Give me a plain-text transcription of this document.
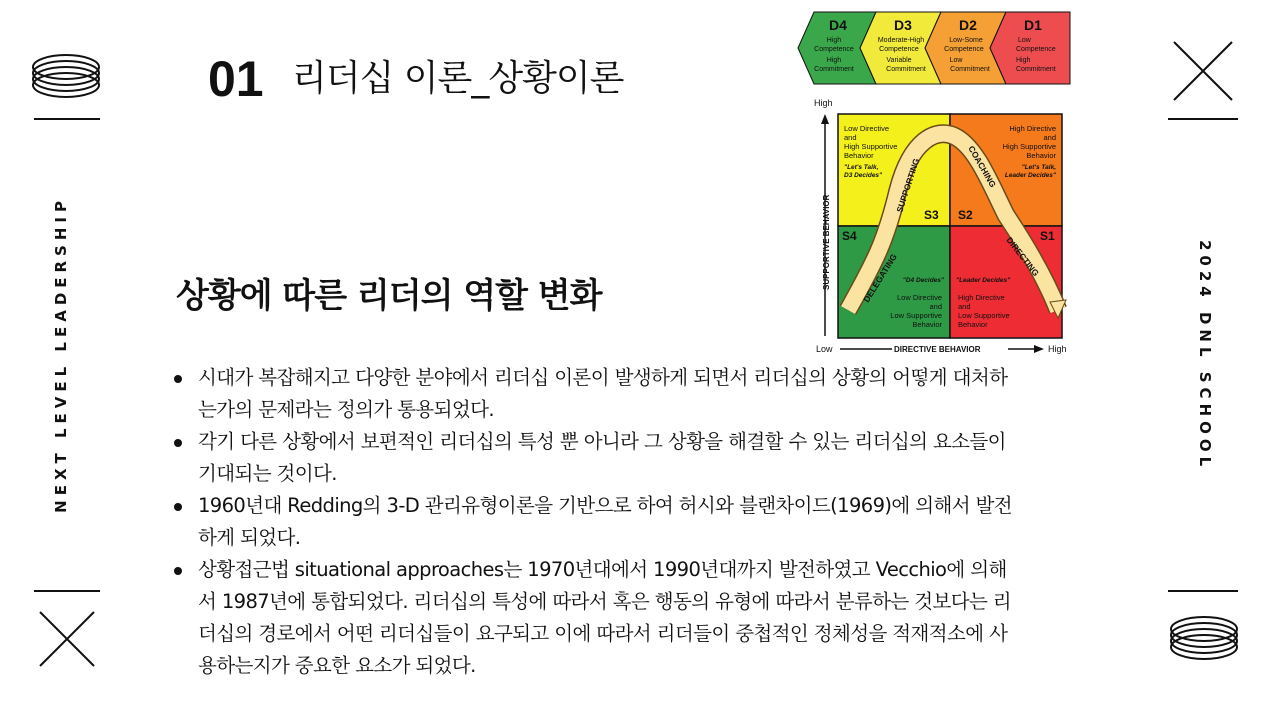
NEXT LEVEL LEADERSHIP	2024 DNL SCHOOL
01 리더십 이론_상황이론
상황에 따른 리더의 역할 변화
D4
High
Competence
High
Commitment
D3
Moderate-High
Competence
Variable
Commitment
D2
Low-Some
Competence
Low
Commitment
D1
Low
Competence
High
Commitment
High
SUPPORTIVE BEHAVIOR
Low Directive
and
High Supportive
Behavior
"Let's Talk,
D3 Decides"
S3
High Directive
and
High Supportive
Behavior
"Let's Talk,
Leader Decides"
S2
S4
"D4 Decides"
Low Directive
and
Low Supportive
Behavior
S1
"Leader Decides"
High Directive
and
Low Supportive
Behavior
DELEGATING
SUPPORTING	COACHING
DIRECTING
Low	DIRECTIVE BEHAVIOR	High
시대가 복잡해지고 다양한 분야에서 리더십 이론이 발생하게 되면서 리더십의 상황의 어떻게 대처하
는가의 문제라는 정의가 통용되었다.
각기 다른 상황에서 보편적인 리더십의 특성 뿐 아니라 그 상황을 해결할 수 있는 리더십의 요소들이
기대되는 것이다.
1960년대 Redding의 3-D 관리유형이론을 기반으로 하여 허시와 블랜차이드(1969)에 의해서 발전
하게 되었다.
상황접근법 situational approaches는 1970년대에서 1990년대까지 발전하였고 Vecchio에 의해
서 1987년에 통합되었다. 리더십의 특성에 따라서 혹은 행동의 유형에 따라서 분류하는 것보다는 리
더십의 경로에서 어떤 리더십들이 요구되고 이에 따라서 리더들이 중첩적인 정체성을 적재적소에 사
용하는지가 중요한 요소가 되었다.
